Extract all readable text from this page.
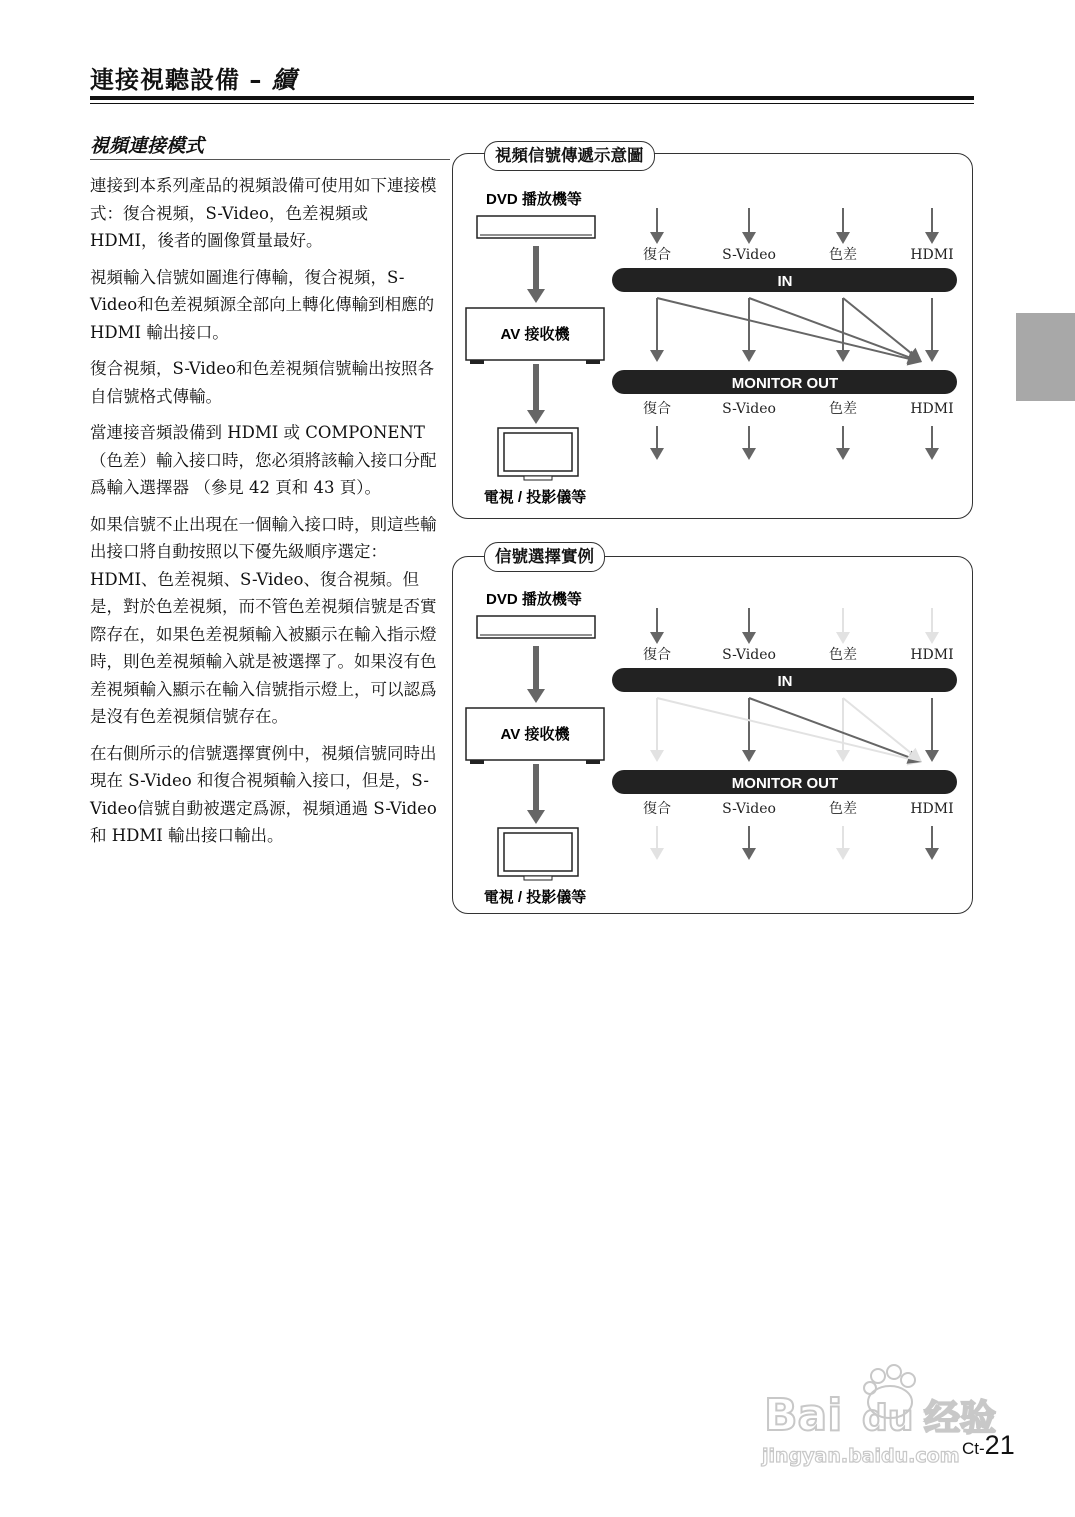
連接視聽設備 – 續
視頻連接模式

連接到本系列產品的視頻設備可使用如下連接模式：復合視頻，S-Video，色差視頻或 HDMI，後者的圖像質量最好。

視頻輸入信號如圖進行傳輸，復合視頻，S-Video和色差視頻源全部向上轉化傳輸到相應的 HDMI 輸出接口。

復合視頻，S-Video和色差視頻信號輸出按照各自信號格式傳輸。

當連接音頻設備到 HDMI 或 COMPONENT （色差）輸入接口時，您必須將該輸入接口分配爲輸入選擇器 （參見 42 頁和 43 頁）。

如果信號不止出現在一個輸入接口時，則這些輸出接口將自動按照以下優先級順序選定：HDMI、色差視頻、S-Video、復合視頻。但是，對於色差視頻，而不管色差視頻信號是否實際存在，如果色差視頻輸入被顯示在輸入指示燈時，則色差視頻輸入就是被選擇了。如果沒有色差視頻輸入顯示在輸入信號指示燈上，可以認爲是沒有色差視頻信號存在。

在右側所示的信號選擇實例中，視頻信號同時出現在 S-Video 和復合視頻輸入接口，但是，S-Video信號自動被選定爲源，視頻通過 S-Video 和 HDMI 輸出接口輸出。

視頻信號傳遞示意圖
DVD 播放機等
AV 接收機
電視 / 投影儀等
復合	S-Video	色差	HDMI
IN
MONITOR OUT
復合	S-Video	色差	HDMI
信號選擇實例
DVD 播放機等
AV 接收機
電視 / 投影儀等
復合	S-Video	色差	HDMI
IN
MONITOR OUT
復合	S-Video	色差	HDMI
Bai du 经验
jingyan.baidu.com Ct-21
